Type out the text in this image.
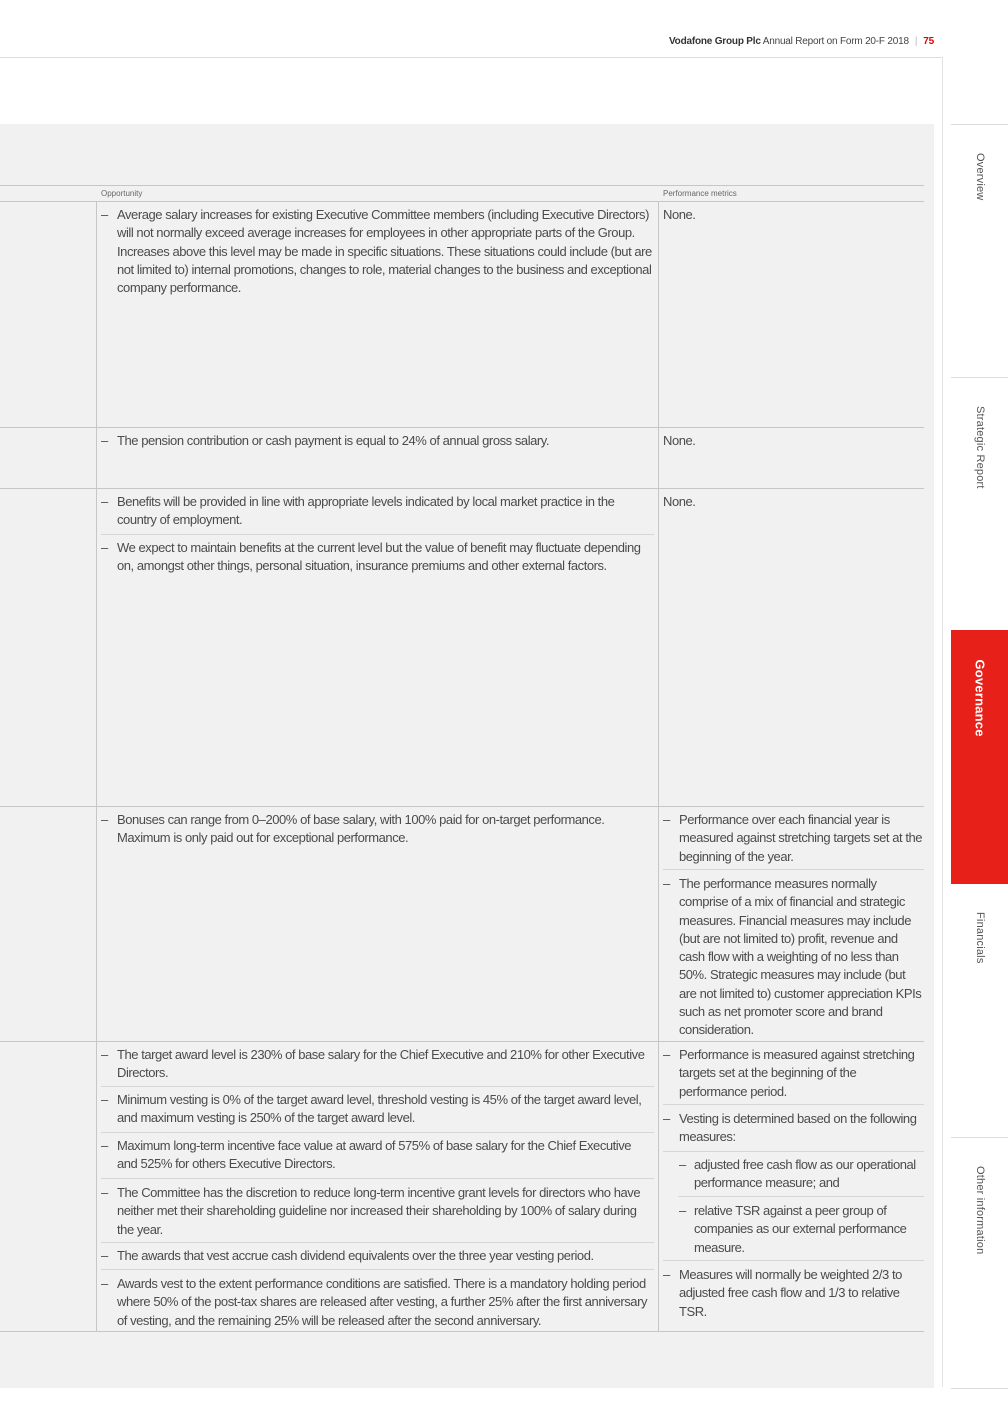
Vodafone Group Plc Annual Report on Form 20-F 2018 | 75
Opportunity	Performance metrics
– Average salary increases for existing Executive Committee members (including Executive Directors) will not normally exceed average increases for employees in other appropriate parts of the Group. Increases above this level may be made in specific situations. These situations could include (but are not limited to) internal promotions, changes to role, material changes to the business and exceptional company performance.
None.
– The pension contribution or cash payment is equal to 24% of annual gross salary.	None.
– Benefits will be provided in line with appropriate levels indicated by local market practice in the country of employment.
– We expect to maintain benefits at the current level but the value of benefit may fluctuate depending on, amongst other things, personal situation, insurance premiums and other external factors.
None.
– Bonuses can range from 0–200% of base salary, with 100% paid for on-target performance. Maximum is only paid out for exceptional performance.
– Performance over each financial year is measured against stretching targets set at the beginning of the year.
– The performance measures normally comprise of a mix of financial and strategic measures. Financial measures may include (but are not limited to) profit, revenue and cash flow with a weighting of no less than 50%. Strategic measures may include (but are not limited to) customer appreciation KPIs such as net promoter score and brand consideration.
– The target award level is 230% of base salary for the Chief Executive and 210% for other Executive Directors.
– Minimum vesting is 0% of the target award level, threshold vesting is 45% of the target award level, and maximum vesting is 250% of the target award level.
– Maximum long-term incentive face value at award of 575% of base salary for the Chief Executive and 525% for others Executive Directors.
– The Committee has the discretion to reduce long-term incentive grant levels for directors who have neither met their shareholding guideline nor increased their shareholding by 100% of salary during the year.
– The awards that vest accrue cash dividend equivalents over the three year vesting period.
– Awards vest to the extent performance conditions are satisfied. There is a mandatory holding period where 50% of the post-tax shares are released after vesting, a further 25% after the first anniversary of vesting, and the remaining 25% will be released after the second anniversary.
– Performance is measured against stretching targets set at the beginning of the performance period.
– Vesting is determined based on the following measures:
– adjusted free cash flow as our operational performance measure; and
– relative TSR against a peer group of companies as our external performance measure.
– Measures will normally be weighted 2/3 to adjusted free cash flow and 1/3 to relative TSR.
Overview
Strategic Report
Governance
Financials
Other information
